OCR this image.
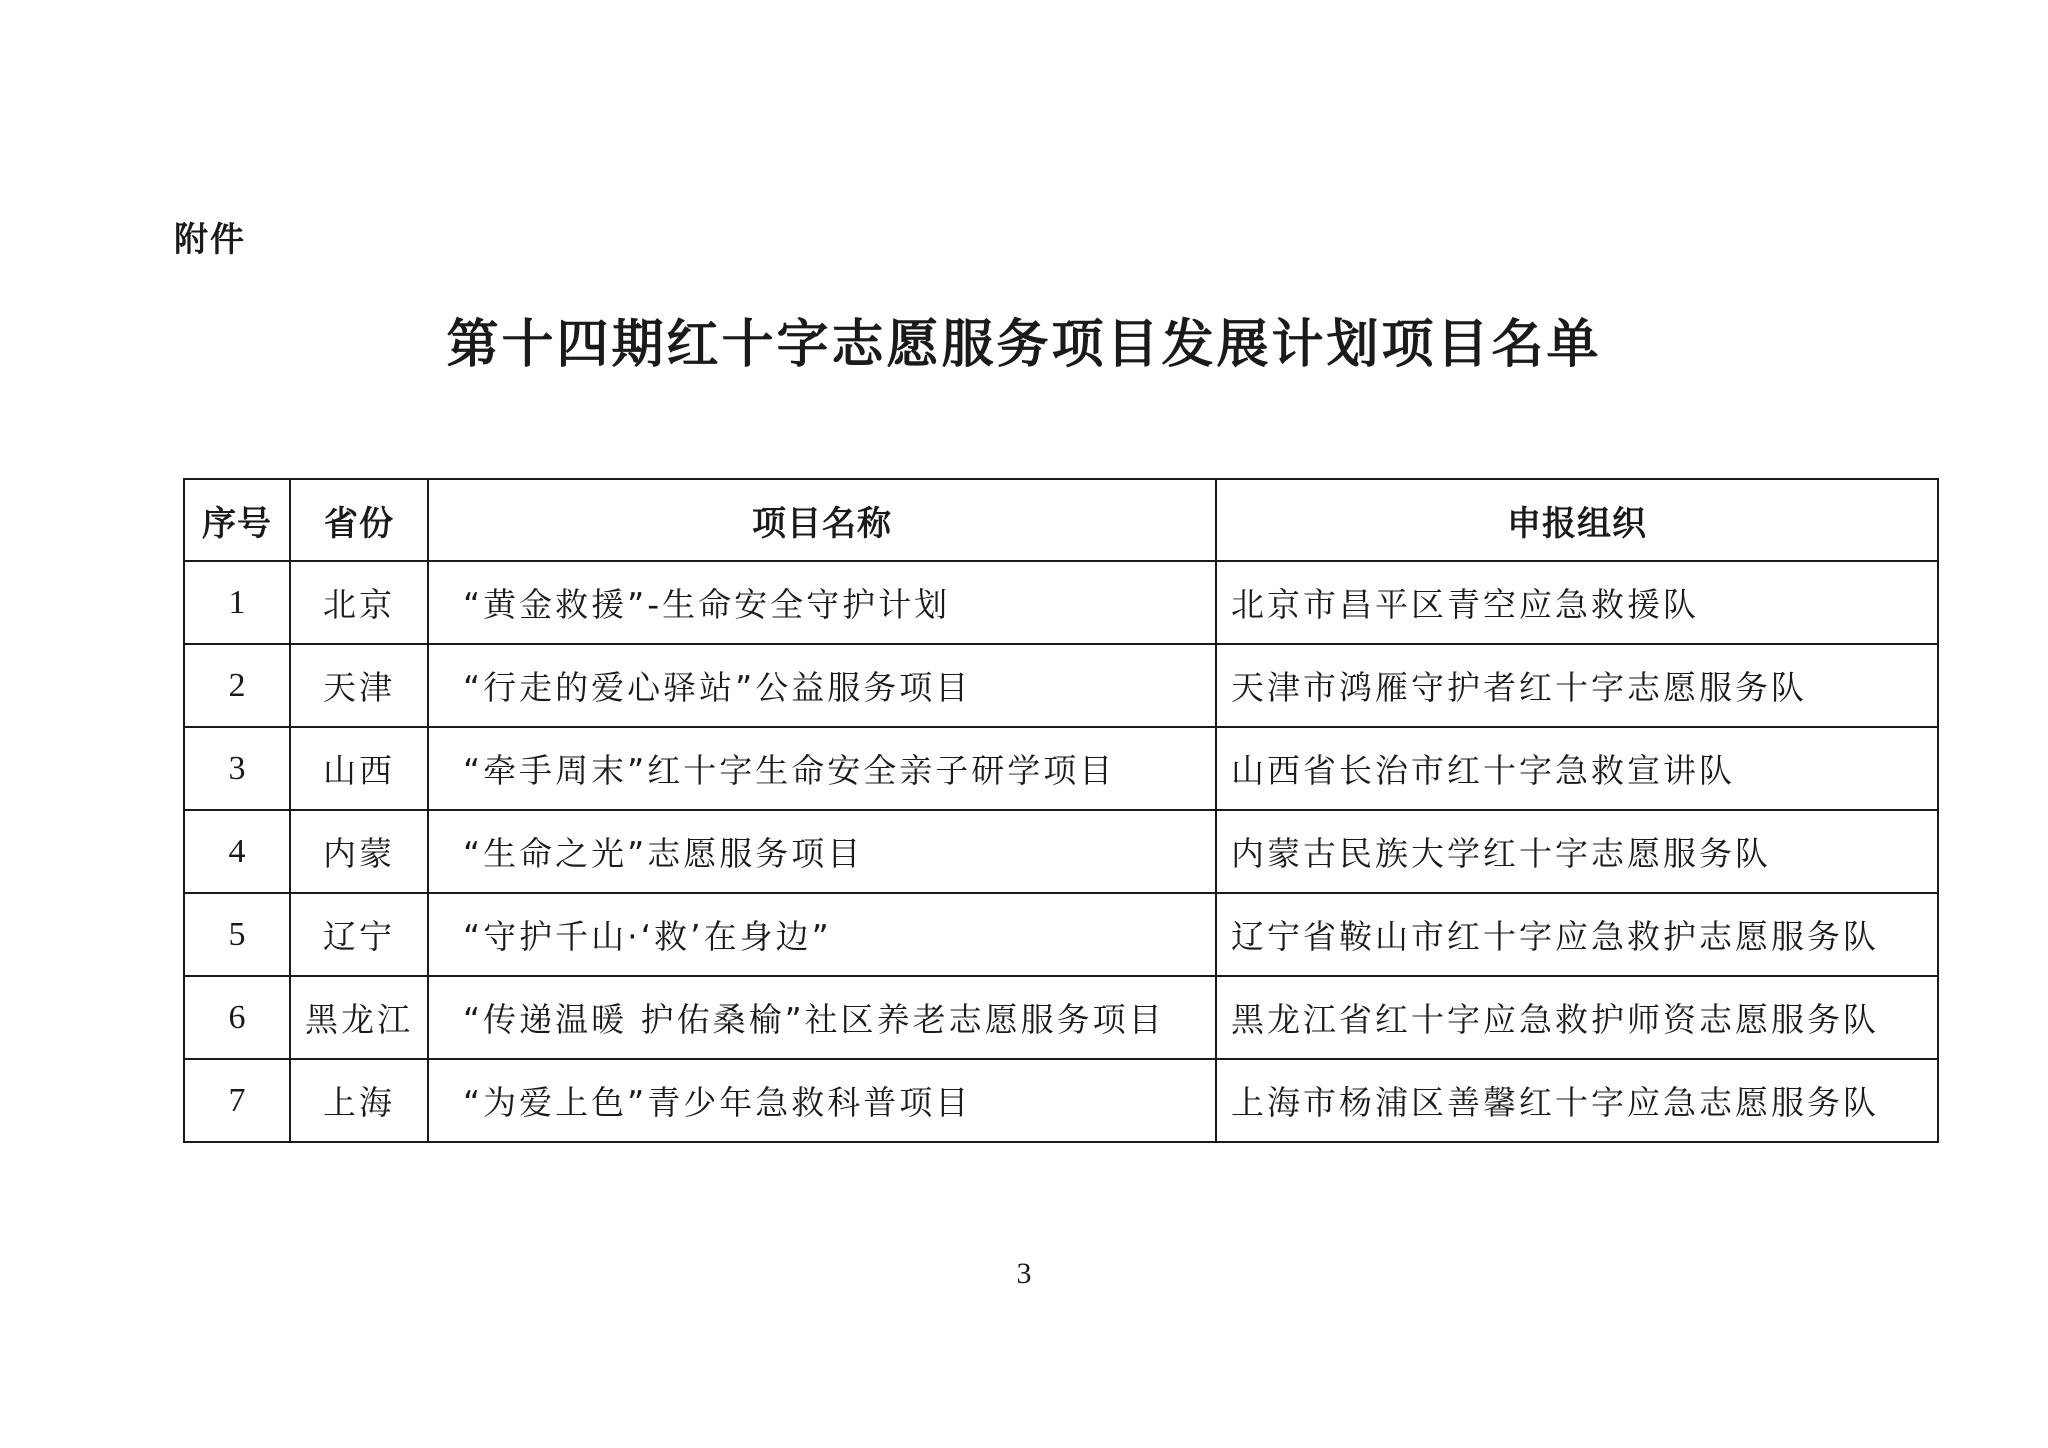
附件
第十四期红十字志愿服务项目发展计划项目名单
序号	省份	项目名称	申报组织
1	北京	“黄金救援”-生命安全守护计划	北京市昌平区青空应急救援队
2	天津	“行走的爱心驿站”公益服务项目	天津市鸿雁守护者红十字志愿服务队
3	山西	“牵手周末”红十字生命安全亲子研学项目	山西省长治市红十字急救宣讲队
4	内蒙	“生命之光”志愿服务项目	内蒙古民族大学红十字志愿服务队
5	辽宁	“守护千山·‘救’在身边”	辽宁省鞍山市红十字应急救护志愿服务队
6	黑龙江	“传递温暖 护佑桑榆”社区养老志愿服务项目	黑龙江省红十字应急救护师资志愿服务队
7	上海	“为爱上色”青少年急救科普项目	上海市杨浦区善馨红十字应急志愿服务队
3
